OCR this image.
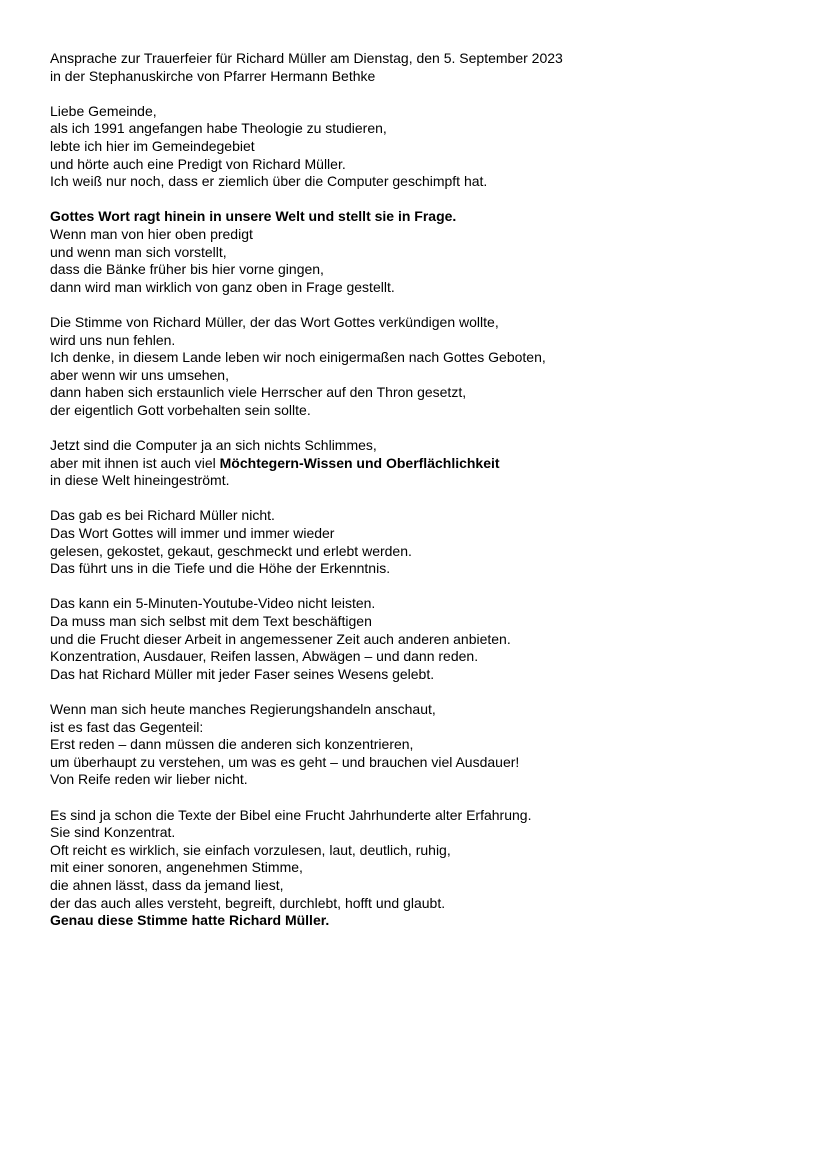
Ansprache zur Trauerfeier für Richard Müller am Dienstag, den 5. September 2023
in der Stephanuskirche von Pfarrer Hermann Bethke
Liebe Gemeinde,
als ich 1991 angefangen habe Theologie zu studieren,
lebte ich hier im Gemeindegebiet
und hörte auch eine Predigt von Richard Müller.
Ich weiß nur noch, dass er ziemlich über die Computer geschimpft hat.
Gottes Wort ragt hinein in unsere Welt und stellt sie in Frage.
Wenn man von hier oben predigt
und wenn man sich vorstellt,
dass die Bänke früher bis hier vorne gingen,
dann wird man wirklich von ganz oben in Frage gestellt.
Die Stimme von Richard Müller, der das Wort Gottes verkündigen wollte,
wird uns nun fehlen.
Ich denke, in diesem Lande leben wir noch einigermaßen nach Gottes Geboten,
aber wenn wir uns umsehen,
dann haben sich erstaunlich viele Herrscher auf den Thron gesetzt,
der eigentlich Gott vorbehalten sein sollte.
Jetzt sind die Computer ja an sich nichts Schlimmes,
aber mit ihnen ist auch viel Möchtegern-Wissen und Oberflächlichkeit
in diese Welt hineingeströmt.
Das gab es bei Richard Müller nicht.
Das Wort Gottes will immer und immer wieder
gelesen, gekostet, gekaut, geschmeckt und erlebt werden.
Das führt uns in die Tiefe und die Höhe der Erkenntnis.
Das kann ein 5-Minuten-Youtube-Video nicht leisten.
Da muss man sich selbst mit dem Text beschäftigen
und die Frucht dieser Arbeit in angemessener Zeit auch anderen anbieten.
Konzentration, Ausdauer, Reifen lassen, Abwägen – und dann reden.
Das hat Richard Müller mit jeder Faser seines Wesens gelebt.
Wenn man sich heute manches Regierungshandeln anschaut,
ist es fast das Gegenteil:
Erst reden – dann müssen die anderen sich konzentrieren,
um überhaupt zu verstehen, um was es geht – und brauchen viel Ausdauer!
Von Reife reden wir lieber nicht.
Es sind ja schon die Texte der Bibel eine Frucht Jahrhunderte alter Erfahrung.
Sie sind Konzentrat.
Oft reicht es wirklich, sie einfach vorzulesen, laut, deutlich, ruhig,
mit einer sonoren, angenehmen Stimme,
die ahnen lässt, dass da jemand liest,
der das auch alles versteht, begreift, durchlebt, hofft und glaubt.
Genau diese Stimme hatte Richard Müller.
